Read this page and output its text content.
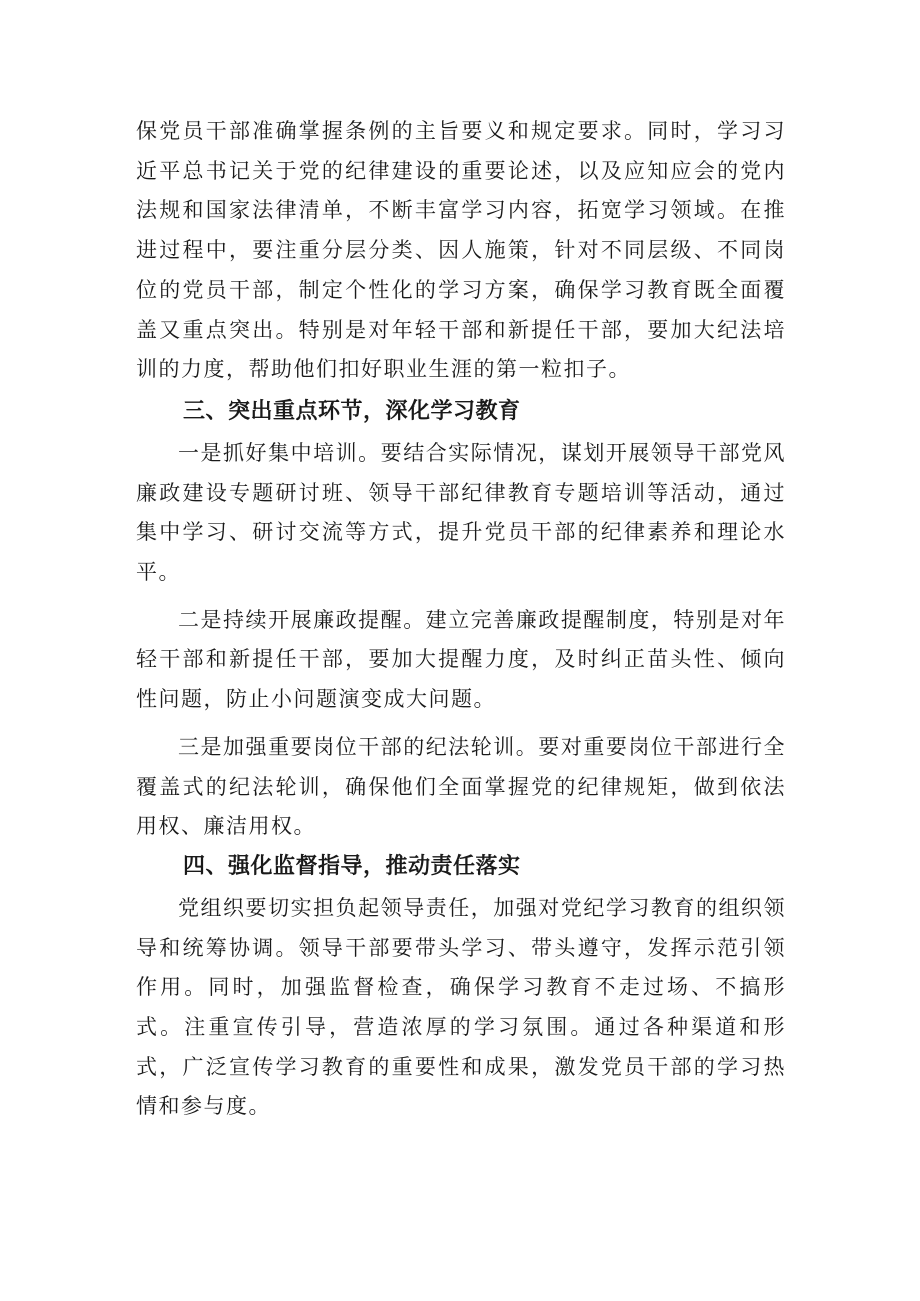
保党员干部准确掌握条例的主旨要义和规定要求。同时，学习习近平总书记关于党的纪律建设的重要论述，以及应知应会的党内法规和国家法律清单，不断丰富学习内容，拓宽学习领域。在推进过程中，要注重分层分类、因人施策，针对不同层级、不同岗位的党员干部，制定个性化的学习方案，确保学习教育既全面覆盖又重点突出。特别是对年轻干部和新提任干部，要加大纪法培训的力度，帮助他们扣好职业生涯的第一粒扣子。

三、突出重点环节，深化学习教育

一是抓好集中培训。要结合实际情况，谋划开展领导干部党风廉政建设专题研讨班、领导干部纪律教育专题培训等活动，通过集中学习、研讨交流等方式，提升党员干部的纪律素养和理论水平。

二是持续开展廉政提醒。建立完善廉政提醒制度，特别是对年轻干部和新提任干部，要加大提醒力度，及时纠正苗头性、倾向性问题，防止小问题演变成大问题。

三是加强重要岗位干部的纪法轮训。要对重要岗位干部进行全覆盖式的纪法轮训，确保他们全面掌握党的纪律规矩，做到依法用权、廉洁用权。

四、强化监督指导，推动责任落实

党组织要切实担负起领导责任，加强对党纪学习教育的组织领导和统筹协调。领导干部要带头学习、带头遵守，发挥示范引领作用。同时，加强监督检查，确保学习教育不走过场、不搞形式。注重宣传引导，营造浓厚的学习氛围。通过各种渠道和形式，广泛宣传学习教育的重要性和成果，激发党员干部的学习热情和参与度。
